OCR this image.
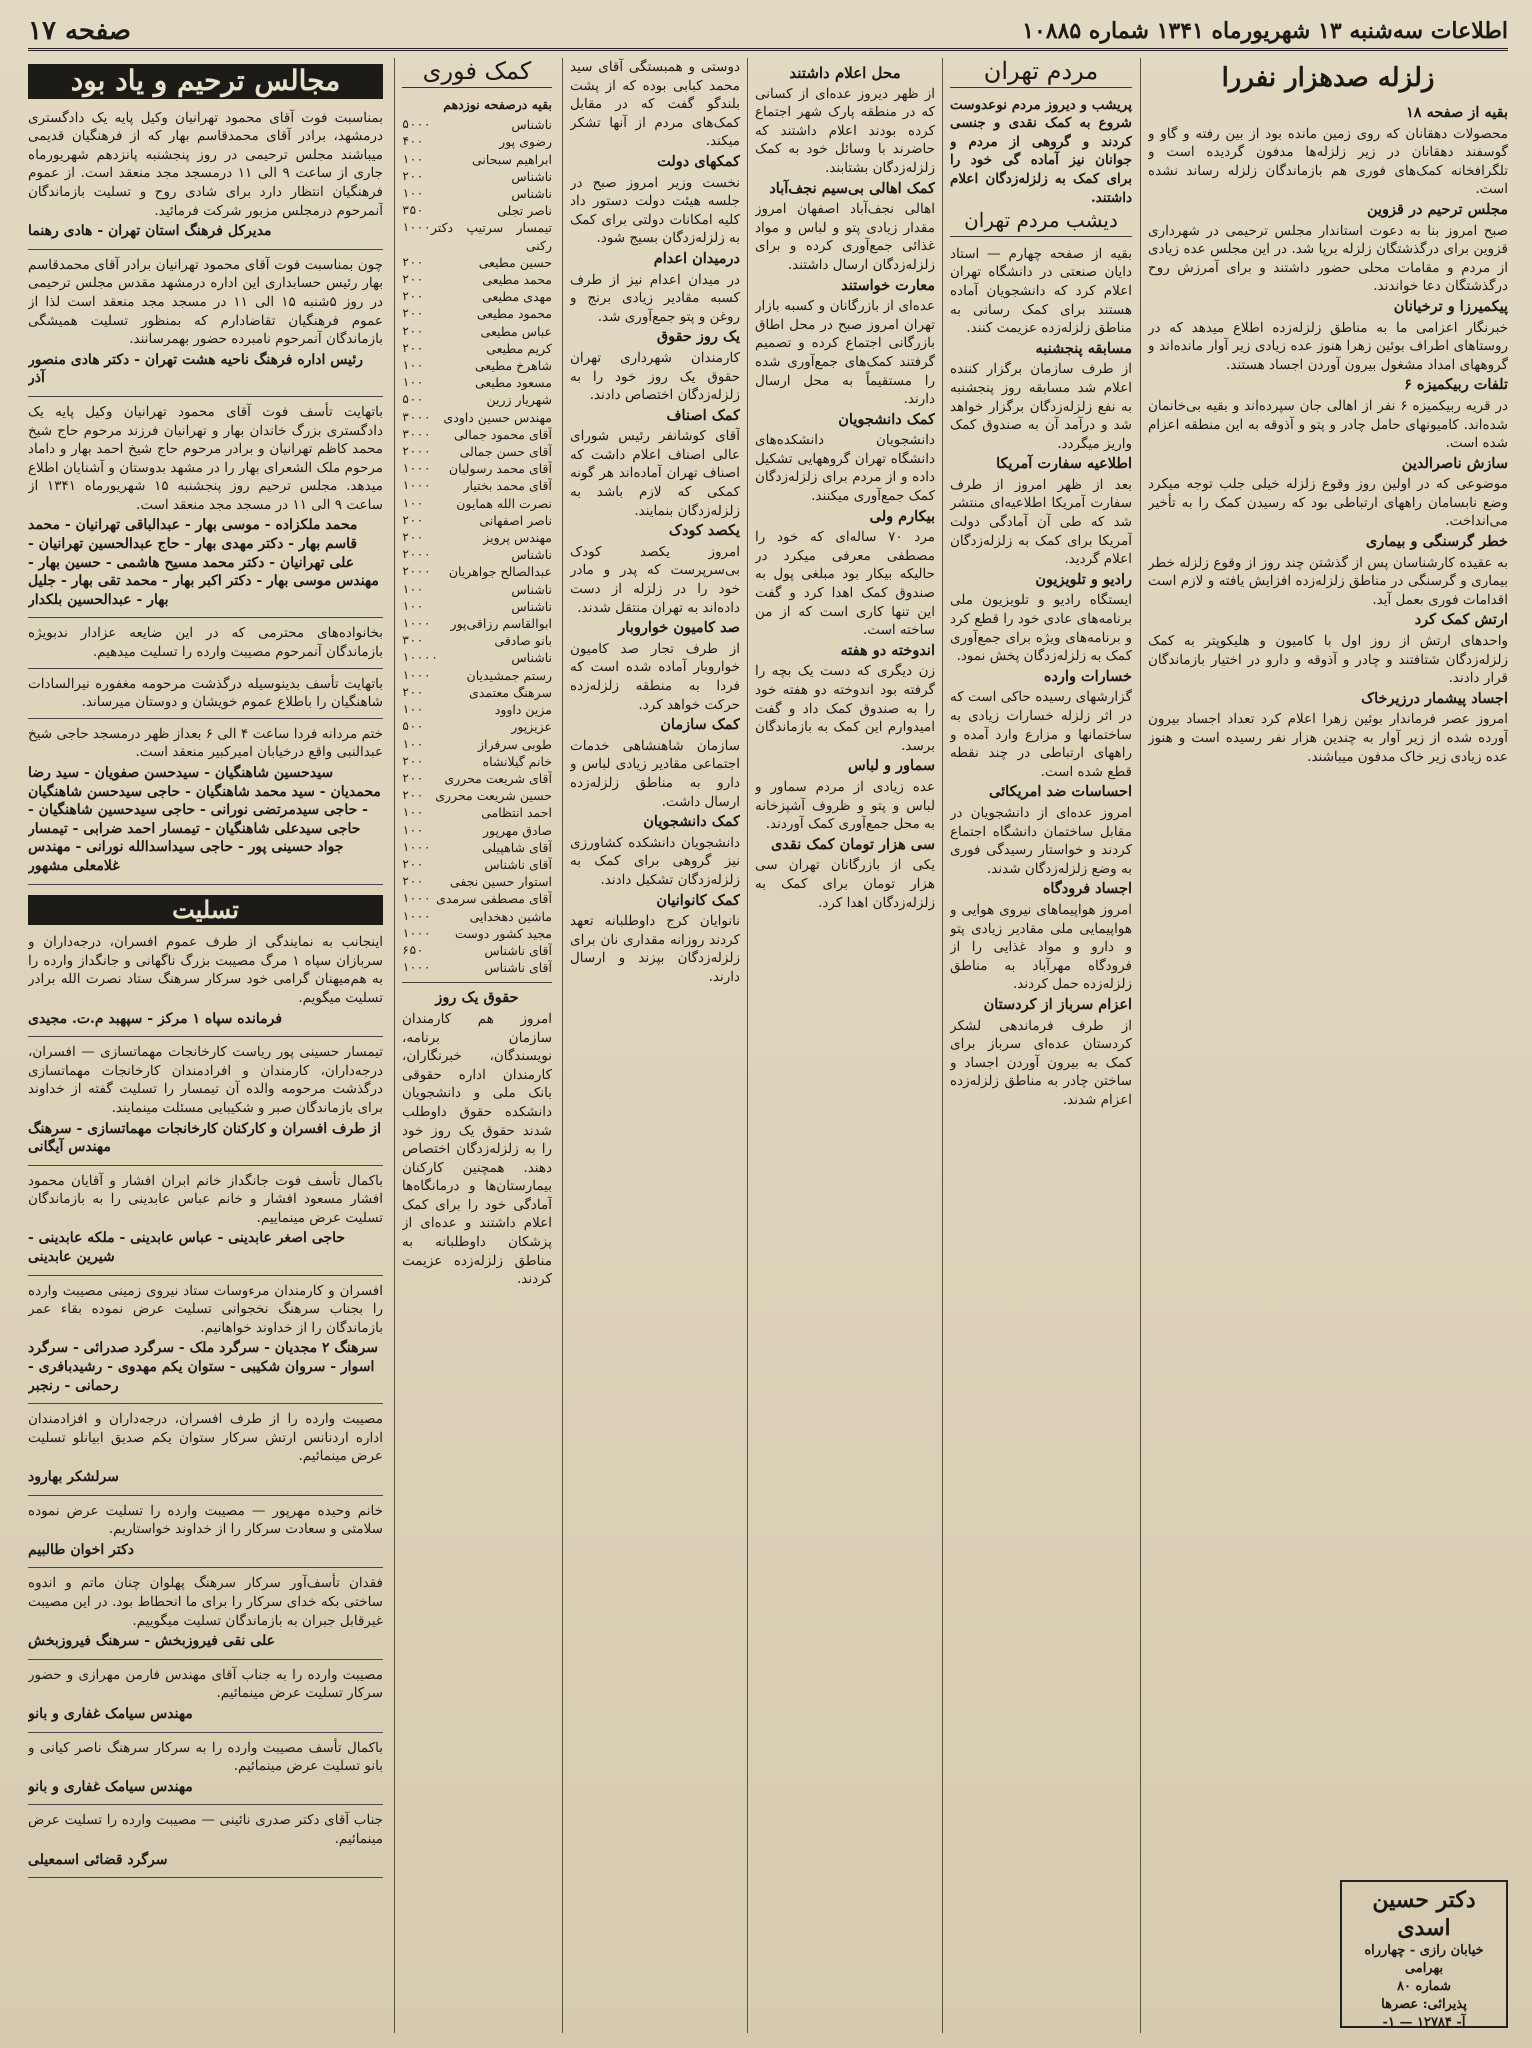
اطلاعات سه‌شنبه ۱۳ شهریورماه ۱۳۴۱ شماره ۱۰۸۸۵
صفحه ۱۷
زلزله صدهزار نفررا

بقیه از صفحه ۱۸

محصولات دهقانان که روی زمین مانده بود از بین رفته و گاو و گوسفند دهقانان در زیر زلزله‌ها مدفون گردیده است و تلگرافخانه کمک‌های فوری هم بازماندگان زلزله رساند نشده است.

مجلس ترحیم در قزوین

صبح امروز بنا به دعوت استاندار مجلس ترحیمی در شهرداری قزوین برای درگذشتگان زلزله برپا شد. در این مجلس عده زیادی از مردم و مقامات محلی حضور داشتند و برای آمرزش روح درگذشتگان دعا خواندند.

پیکمیرزا و ترخیانان

خبرنگار اعزامی ما به مناطق زلزله‌زده اطلاع میدهد که در روستاهای اطراف بوئین زهرا هنوز عده زیادی زیر آوار مانده‌اند و گروههای امداد مشغول بیرون آوردن اجساد هستند.

تلفات ربیکمیزه ۶

در قریه ربیکمیزه ۶ نفر از اهالی جان سپرده‌اند و بقیه بی‌خانمان شده‌اند. کامیونهای حامل چادر و پتو و آذوقه به این منطقه اعزام شده است.

سازش ناصرالدین

موضوعی که در اولین روز وقوع زلزله خیلی جلب توجه میکرد وضع نابسامان راههای ارتباطی بود که رسیدن کمک را به تأخیر می‌انداخت.

خطر گرسنگی و بیماری

به عقیده کارشناسان پس از گذشتن چند روز از وقوع زلزله خطر بیماری و گرسنگی در مناطق زلزله‌زده افزایش یافته و لازم است اقدامات فوری بعمل آید.

ارتش کمک کرد

واحدهای ارتش از روز اول با کامیون و هلیکوپتر به کمک زلزله‌زدگان شتافتند و چادر و آذوقه و دارو در اختیار بازماندگان قرار دادند.

اجساد پیشمار درزیرخاک

امروز عصر فرماندار بوئین زهرا اعلام کرد تعداد اجساد بیرون آورده شده از زیر آوار به چندین هزار نفر رسیده است و هنوز عده زیادی زیر خاک مدفون میباشند.

مردم تهران

پریشب و دیروز مردم نوعدوست شروع به کمک نقدی و جنسی کردند و گروهی از مردم و جوانان نیز آماده گی خود را برای کمک به زلزله‌زدگان اعلام داشتند.

دیشب مردم تهران

بقیه از صفحه چهارم — استاد دایان صنعتی در دانشگاه تهران اعلام کرد که دانشجویان آماده هستند برای کمک رسانی به مناطق زلزله‌زده عزیمت کنند.

مسابقه پنجشنبه

از طرف سازمان برگزار کننده اعلام شد مسابقه روز پنجشنبه به نفع زلزله‌زدگان برگزار خواهد شد و درآمد آن به صندوق کمک واریز میگردد.

اطلاعیه سفارت آمریکا

بعد از ظهر امروز از طرف سفارت آمریکا اطلاعیه‌ای منتشر شد که طی آن آمادگی دولت آمریکا برای کمک به زلزله‌زدگان اعلام گردید.

رادیو و تلویزیون

ایستگاه رادیو و تلویزیون ملی برنامه‌های عادی خود را قطع کرد و برنامه‌های ویژه برای جمع‌آوری کمک به زلزله‌زدگان پخش نمود.

خسارات وارده

گزارشهای رسیده حاکی است که در اثر زلزله خسارات زیادی به ساختمانها و مزارع وارد آمده و راههای ارتباطی در چند نقطه قطع شده است.

احساسات ضد امریکائی

امروز عده‌ای از دانشجویان در مقابل ساختمان دانشگاه اجتماع کردند و خواستار رسیدگی فوری به وضع زلزله‌زدگان شدند.

اجساد فرودگاه

امروز هواپیماهای نیروی هوایی و هواپیمایی ملی مقادیر زیادی پتو و دارو و مواد غذایی را از فرودگاه مهرآباد به مناطق زلزله‌زده حمل کردند.

اعزام سرباز از کردستان

از طرف فرماندهی لشکر کردستان عده‌ای سرباز برای کمک به بیرون آوردن اجساد و ساختن چادر به مناطق زلزله‌زده اعزام شدند.

محل اعلام داشتند

از ظهر دیروز عده‌ای از کسانی که در منطقه پارک شهر اجتماع کرده بودند اعلام داشتند که حاضرند با وسائل خود به کمک زلزله‌زدگان بشتابند.

کمک اهالی بی‌سیم نجف‌آباد

اهالی نجف‌آباد اصفهان امروز مقدار زیادی پتو و لباس و مواد غذائی جمع‌آوری کرده و برای زلزله‌زدگان ارسال داشتند.

معارت خواستند

عده‌ای از بازرگانان و کسبه بازار تهران امروز صبح در محل اطاق بازرگانی اجتماع کرده و تصمیم گرفتند کمک‌های جمع‌آوری شده را مستقیماً به محل ارسال دارند.

کمک دانشجویان

دانشجویان دانشکده‌های دانشگاه تهران گروههایی تشکیل داده و از مردم برای زلزله‌زدگان کمک جمع‌آوری میکنند.

بیکارم ولی

مرد ۷۰ ساله‌ای که خود را مصطفی معرفی میکرد در حالیکه بیکار بود مبلغی پول به صندوق کمک اهدا کرد و گفت این تنها کاری است که از من ساخته است.

اندوخته دو هفته

زن دیگری که دست یک بچه را گرفته بود اندوخته دو هفته خود را به صندوق کمک داد و گفت امیدوارم این کمک به بازماندگان برسد.

سماور و لباس

عده زیادی از مردم سماور و لباس و پتو و ظروف آشپزخانه به محل جمع‌آوری کمک آوردند.

سی هزار تومان کمک نقدی

یکی از بازرگانان تهران سی هزار تومان برای کمک به زلزله‌زدگان اهدا کرد.

دوستی و همبستگی آقای سید محمد کبابی بوده که از پشت بلندگو گفت که در مقابل کمک‌های مردم از آنها تشکر میکند.

کمکهای دولت

نخست وزیر امروز صبح در جلسه هیئت دولت دستور داد کلیه امکانات دولتی برای کمک به زلزله‌زدگان بسیج شود.

درمیدان اعدام

در میدان اعدام نیز از طرف کسبه مقادیر زیادی برنج و روغن و پتو جمع‌آوری شد.

یک روز حقوق

کارمندان شهرداری تهران حقوق یک روز خود را به زلزله‌زدگان اختصاص دادند.

کمک اصناف

آقای کوشانفر رئیس شورای عالی اصناف اعلام داشت که اصناف تهران آماده‌اند هر گونه کمکی که لازم باشد به زلزله‌زدگان بنمایند.

یکصد کودک

امروز یکصد کودک بی‌سرپرست که پدر و مادر خود را در زلزله از دست داده‌اند به تهران منتقل شدند.

صد کامیون خواروبار

از طرف تجار صد کامیون خواروبار آماده شده است که فردا به منطقه زلزله‌زده حرکت خواهد کرد.

کمک سازمان

سازمان شاهنشاهی خدمات اجتماعی مقادیر زیادی لباس و دارو به مناطق زلزله‌زده ارسال داشت.

کمک دانشجویان

دانشجویان دانشکده کشاورزی نیز گروهی برای کمک به زلزله‌زدگان تشکیل دادند.

کمک کانوانیان

نانوایان کرج داوطلبانه تعهد کردند روزانه مقداری نان برای زلزله‌زدگان بپزند و ارسال دارند.

کمک فوری

بقیه درصفحه نوزدهم

ناشناس
۵۰۰۰
رضوی پور
۴۰۰
ابراهیم سبحانی
۱۰۰
ناشناس
۲۰۰
ناشناس
۱۰۰
ناصر تجلی
۳۵۰
تیمسار سرتیپ دکتر رکنی
۱۰۰۰
حسین مطیعی
۲۰۰
محمد مطیعی
۲۰۰
مهدی مطیعی
۲۰۰
محمود مطیعی
۲۰۰
عباس مطیعی
۲۰۰
کریم مطیعی
۲۰۰
شاهرخ مطیعی
۱۰۰
مسعود مطیعی
۱۰۰
شهریار زرین
۵۰۰
مهندس حسین داودی
۳۰۰۰
آقای محمود جمالی
۳۰۰۰
آقای حسن جمالی
۲۰۰۰
آقای محمد رسولیان
۱۰۰۰
آقای محمد بختیار
۱۰۰۰
نصرت الله همایون
۱۰۰
ناصر اصفهانی
۲۰۰
مهندس پرویز
۲۰۰
ناشناس
۲۰۰۰
عبدالصالح جواهریان
۲۰۰۰
ناشناس
۱۰۰
ناشناس
۱۰۰
ابوالقاسم رزاقی‌پور
۱۰۰۰
بانو صادقی
۳۰۰
ناشناس
۱۰۰۰۰
رستم جمشیدیان
۱۰۰۰
سرهنگ معتمدی
۲۰۰
مزین داوود
۱۰۰
عزیزپور
۵۰۰
طوبی سرفراز
۱۰۰
خانم گیلانشاه
۲۰۰
آقای شریعت محرری
۲۰۰
حسین شریعت محرری
۲۰۰
احمد انتظامی
۱۰۰
صادق مهرپور
۱۰۰
آقای شاهپیلی
۱۰۰۰
آقای ناشناس
۲۰۰
استوار حسین نجفی
۲۰۰
آقای مصطفی سرمدی
۱۰۰۰
ماشین دهخدایی
۱۰۰۰
مجید کشور دوست
۱۰۰۰
آقای ناشناس
۶۵۰
آقای ناشناس
۱۰۰۰

حقوق یک روز

امروز هم کارمندان سازمان برنامه، نویسندگان، خبرنگاران، کارمندان اداره حقوقی بانک ملی و دانشجویان دانشکده حقوق داوطلب شدند حقوق یک روز خود را به زلزله‌زدگان اختصاص دهند. همچنین کارکنان بیمارستان‌ها و درمانگاه‌ها آمادگی خود را برای کمک اعلام داشتند و عده‌ای از پزشکان داوطلبانه به مناطق زلزله‌زده عزیمت کردند.

مجالس ترحیم و یاد بود

بمناسبت فوت آقای محمود تهرانیان وکیل پایه یک دادگستری درمشهد، برادر آقای محمدقاسم بهار که از فرهنگیان قدیمی میباشند مجلس ترحیمی در روز پنجشنبه پانزدهم شهریورماه جاری از ساعت ۹ الی ۱۱ درمسجد مجد منعقد است. از عموم فرهنگیان انتظار دارد برای شادی روح و تسلیت بازماندگان آنمرحوم درمجلس مزبور شرکت فرمائید.

مدیرکل فرهنگ استان تهران - هادی رهنما

چون بمناسبت فوت آقای محمود تهرانیان برادر آقای محمدقاسم بهار رئیس حسابداری این اداره درمشهد مقدس مجلس ترحیمی در روز ۵شنبه ۱۵ الی ۱۱ در مسجد مجد منعقد است لذا از عموم فرهنگیان تقاضادارم که بمنظور تسلیت همیشگی بازماندگان آنمرحوم نامبرده حضور بهمرسانند.

رئیس اداره فرهنگ ناحیه هشت تهران - دکتر هادی منصور آذر

باتهایت تأسف فوت آقای محمود تهرانیان وکیل پایه یک دادگستری بزرگ خاندان بهار و تهرانیان فرزند مرحوم حاج شیخ محمد کاظم تهرانیان و برادر مرحوم حاج شیخ احمد بهار و داماد مرحوم ملک الشعرای بهار را در مشهد بدوستان و آشنایان اطلاع میدهد. مجلس ترحیم روز پنجشنبه ۱۵ شهریورماه ۱۳۴۱ از ساعت ۹ الی ۱۱ در مسجد مجد منعقد است.

محمد ملکزاده - موسی بهار - عبدالباقی تهرانیان - محمد قاسم بهار - دکتر مهدی بهار - حاج عبدالحسین تهرانیان - علی تهرانیان - دکتر محمد مسیح هاشمی - حسین بهار - مهندس موسی بهار - دکتر اکبر بهار - محمد تقی بهار - جلیل بهار - عبدالحسین بلکدار

بخانواده‌های محترمی که در این ضایعه عزادار ندبویژه بازماندگان آنمرحوم مصیبت وارده را تسلیت میدهیم.

باتهایت تأسف بدینوسیله درگذشت مرحومه مغفوره نیرالسادات شاهنگیان را باطلاع عموم خویشان و دوستان میرساند.

ختم مردانه فردا ساعت ۴ الی ۶ بعداز ظهر درمسجد حاجی شیخ عبدالنبی واقع درخیابان امیرکبیر منعقد است.

سیدحسین شاهنگیان - سیدحسن صفویان - سید رضا محمدیان - سید محمد شاهنگیان - حاجی سیدحسن شاهنگیان - حاجی سیدمرتضی نورانی - حاجی سیدحسین شاهنگیان - حاجی سیدعلی شاهنگیان - تیمسار احمد ضرابی - تیمسار جواد حسینی پور - حاجی سیداسدالله نورانی - مهندس غلامعلی مشهور
تسلیت

اینجانب به نمایندگی از طرف عموم افسران، درجه‌داران و سربازان سپاه ۱ مرگ مصیبت بزرگ ناگهانی و جانگداز وارده را به هم‌میهنان گرامی خود سرکار سرهنگ ستاد نصرت الله برادر تسلیت میگویم.

فرمانده سپاه ۱ مرکز - سپهبد م.ت. مجیدی

تیمسار حسینی پور ریاست کارخانجات مهماتسازی — افسران، درجه‌داران، کارمندان و افرادمندان کارخانجات مهماتسازی درگذشت مرحومه والده آن تیمسار را تسلیت گفته از خداوند برای بازماندگان صبر و شکیبایی مسئلت مینمایند.

از طرف افسران و کارکنان کارخانجات مهماتسازی - سرهنگ مهندس آیگانی

باکمال تأسف فوت جانگداز خانم ابران افشار و آقایان محمود افشار مسعود افشار و خانم عباس عابدینی را به بازماندگان تسلیت عرض مینماییم.

حاجی اصغر عابدینی - عباس عابدینی - ملکه عابدینی - شیرین عابدینی

افسران و کارمندان مرءوسات ستاد نیروی زمینی مصیبت وارده را بجناب سرهنگ نخجوانی تسلیت عرض نموده بقاء عمر بازماندگان را از خداوند خواهانیم.

سرهنگ ۲ مجدیان - سرگرد ملک - سرگرد صدرائی - سرگرد اسوار - سروان شکیبی - ستوان یکم مهدوی - رشیدبافری - رحمانی - رنجبر

مصیبت وارده را از طرف افسران، درجه‌داران و افزادمندان اداره اردنانس ارتش سرکار ستوان یکم صدیق ابیانلو تسلیت عرض مینمائیم.

سرلشکر بهارود

خانم وحیده مهرپور — مصیبت وارده را تسلیت عرض نموده سلامتی و سعادت سرکار را از خداوند خواستاریم.

دکتر اخوان طالبیم

فقدان تأسف‌آور سرکار سرهنگ پهلوان چنان ماتم و اندوه ساختی بکه خدای سرکار را برای ما انحطاط بود. در این مصیبت غیرقابل جبران به بازماندگان تسلیت میگوییم.

علی نقی فیروزبخش - سرهنگ فیروزبخش

مصیبت وارده را به جناب آقای مهندس فارمن مهرازی و حضور سرکار تسلیت عرض مینمائیم.

مهندس سیامک غفاری و بانو

باکمال تأسف مصیبت وارده را به سرکار سرهنگ ناصر کیانی و بانو تسلیت عرض مینمائیم.

مهندس سیامک غفاری و بانو

جناب آقای دکتر صدری نائینی — مصیبت وارده را تسلیت عرض مینمائیم.

سرگرد قضائی اسمعیلی
دکتر حسین اسدی
خیابان رازی - چهارراه بهرامی
شماره ۸۰
پذیرائی: عصرها
آ- ۱۲۷۸۴ — ۱-
